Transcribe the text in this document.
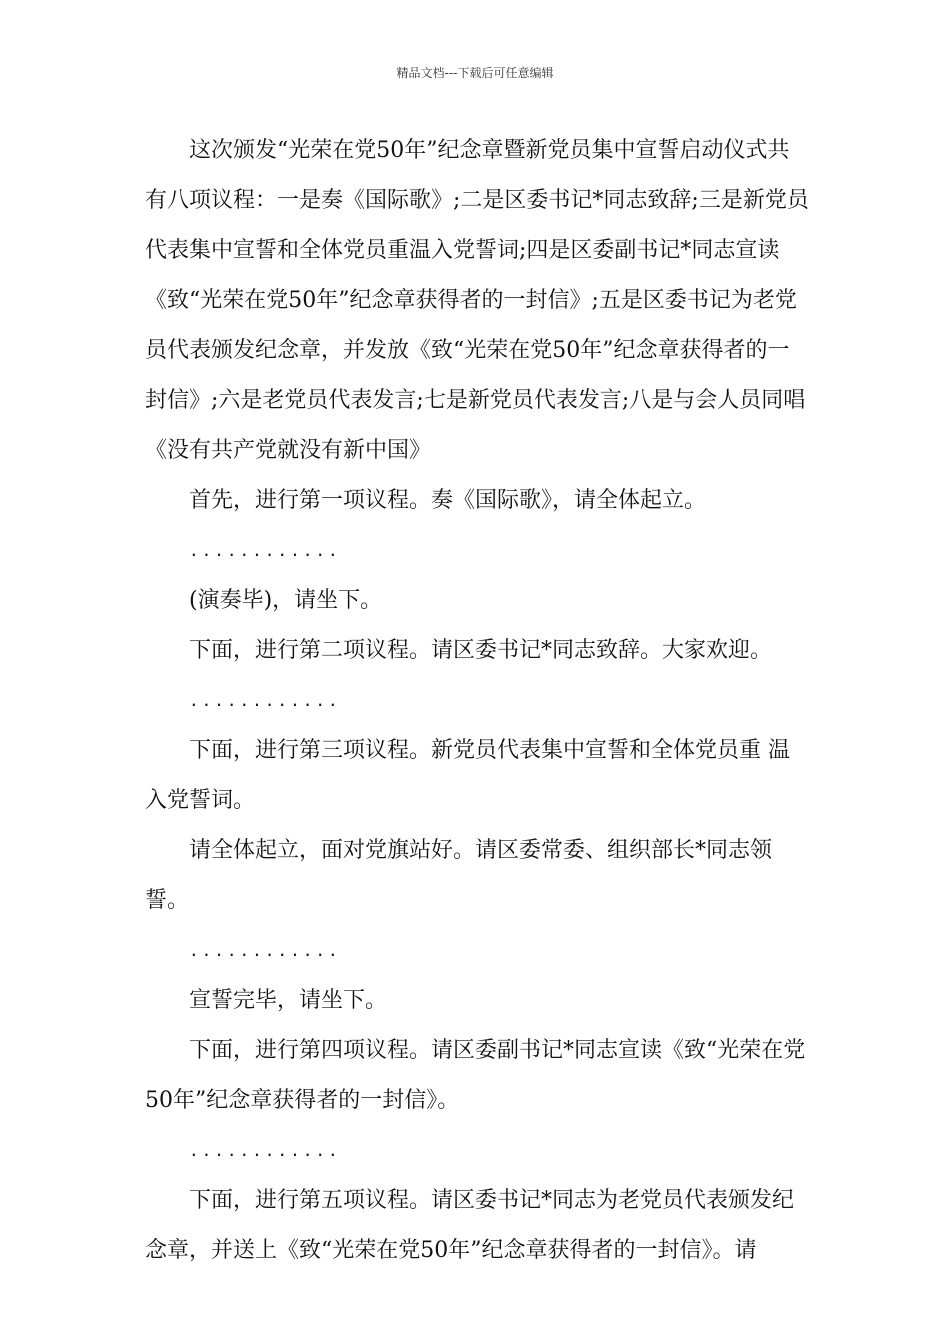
精品文档---下载后可任意编辑

这次颁发“光荣在党50年”纪念章暨新党员集中宣誓启动仪式共有八项议程：一是奏《国际歌》;二是区委书记*同志致辞;三是新党员代表集中宣誓和全体党员重温入党誓词;四是区委副书记*同志宣读《致“光荣在党50年”纪念章获得者的一封信》;五是区委书记为老党员代表颁发纪念章，并发放《致“光荣在党50年”纪念章获得者的一封信》;六是老党员代表发言;七是新党员代表发言;八是与会人员同唱《没有共产党就没有新中国》

首先，进行第一项议程。奏《国际歌》，请全体起立。

............

(演奏毕)，请坐下。

下面，进行第二项议程。请区委书记*同志致辞。大家欢迎。

............

下面，进行第三项议程。新党员代表集中宣誓和全体党员重 温入党誓词。

请全体起立，面对党旗站好。请区委常委、组织部长*同志领誓。

............

宣誓完毕，请坐下。

下面，进行第四项议程。请区委副书记*同志宣读《致“光荣在党50年”纪念章获得者的一封信》。

............

下面，进行第五项议程。请区委书记*同志为老党员代表颁发纪念章，并送上《致“光荣在党50年”纪念章获得者的一封信》。请
